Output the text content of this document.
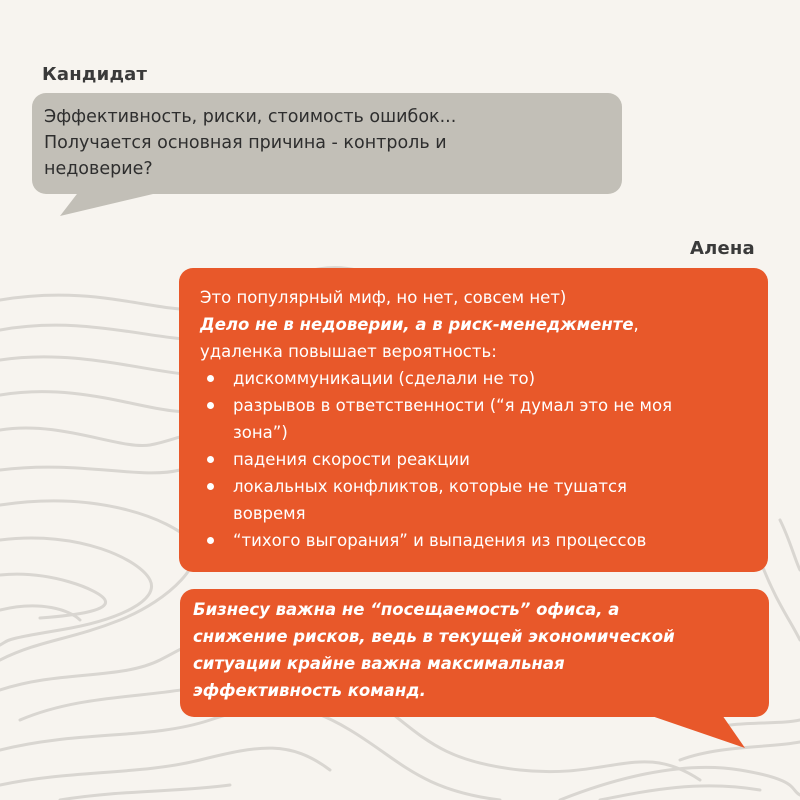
Кандидат
Эффективность, риски, стоимость ошибок...
Получается основная причина - контроль и
недоверие?
Алена
Это популярный миф, но нет, совсем нет)
Дело не в недоверии, а в риск-менеджменте,
удаленка повышает вероятность:
дискоммуникации (сделали не то)
разрывов в ответственности (“я думал это не моя
зона”)
падения скорости реакции
локальных конфликтов, которые не тушатся
вовремя
“тихого выгорания” и выпадения из процессов
Бизнесу важна не “посещаемость” офиса, а
снижение рисков, ведь в текущей экономической
ситуации крайне важна максимальная
эффективность команд.
